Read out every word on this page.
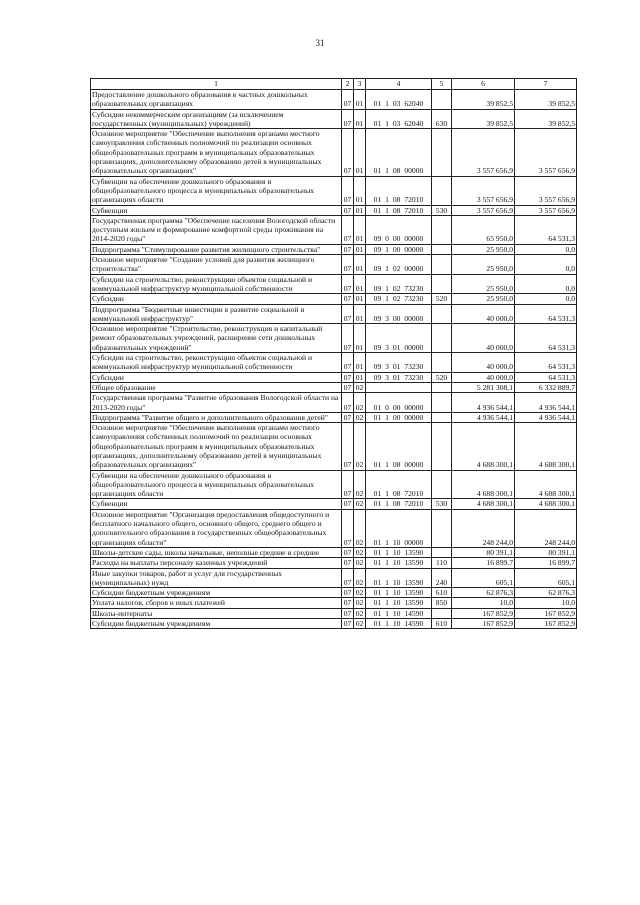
31
1	2	3	4	5	6	7
Предоставление дошкольного образования в частных дошкольных образовательных организациях	07	01	01 1 03 62040		39 852,5	39 852,5
Субсидии некоммерческим организациям (за исключением государственных (муниципальных) учреждений)	07	01	01 1 03 62040	630	39 852,5	39 852,5
Основное мероприятие "Обеспечение выполнения органами местного самоуправления собственных полномочий по реализации основных общеобразовательных программ в муниципальных образовательных организациях, дополнительному образованию детей в муниципальных образовательных организациях"	07	01	01 1 08 00000		3 557 656,9	3 557 656,9
Субвенции на обеспечение дошкольного образования и общеобразовательного процесса в муниципальных образовательных организациях области	07	01	01 1 08 72010		3 557 656,9	3 557 656,9
Субвенции	07	01	01 1 08 72010	530	3 557 656,9	3 557 656,9
Государственная программа "Обеспечение населения Вологодской области доступным жильем и формирование комфортной среды проживания на 2014-2020 годы"	07	01	09 0 00 00000		65 950,0	64 531,3
Подпрограмма "Стимулирование развития жилищного строительства"	07	01	09 1 00 00000		25 950,0	0,0
Основное мероприятие "Создание условий для развития жилищного строительства"	07	01	09 1 02 00000		25 950,0	0,0
Субсидии на строительство, реконструкцию объектов социальной и коммунальной инфраструктур муниципальной собственности	07	01	09 1 02 73230		25 950,0	0,0
Субсидии	07	01	09 1 02 73230	520	25 950,0	0,0
Подпрограмма "Бюджетные инвестиции в развитие социальной и коммунальной инфраструктур"	07	01	09 3 00 00000		40 000,0	64 531,3
Основное мероприятие "Строительство, реконструкция и капитальный ремонт образовательных учреждений, расширение сети дошкольных образовательных учреждений"	07	01	09 3 01 00000		40 000,0	64 531,3
Субсидии на строительство, реконструкцию объектов социальной и коммунальной инфраструктур муниципальной собственности	07	01	09 3 01 73230		40 000,0	64 531,3
Субсидии	07	01	09 3 01 73230	520	40 000,0	64 531,3
Общее образование	07	02			5 281 308,1	6 332 889,7
Государственная программа "Развитие образования Вологодской области на 2013-2020 годы"	07	02	01 0 00 00000		4 936 544,1	4 936 544,1
Подпрограмма "Развитие общего и дополнительного образования детей"	07	02	01 1 00 00000		4 936 544,1	4 936 544,1
Основное мероприятие "Обеспечение выполнения органами местного самоуправления собственных полномочий по реализации основных общеобразовательных программ в муниципальных образовательных организациях, дополнительному образованию детей в муниципальных образовательных организациях"	07	02	01 1 08 00000		4 688 300,1	4 688 300,1
Субвенции на обеспечение дошкольного образования и общеобразовательного процесса в муниципальных образовательных организациях области	07	02	01 1 08 72010		4 688 300,1	4 688 300,1
Субвенции	07	02	01 1 08 72010	530	4 688 300,1	4 688 300,1
Основное мероприятие "Организация предоставления общедоступного и бесплатного начального общего, основного общего, среднего общего и дополнительного образования в государственных общеобразовательных организациях области"	07	02	01 1 10 00000		248 244,0	248 244,0
Школы-детские сады, школы начальные, неполные средние и средние	07	02	01 1 10 13590		80 391,1	80 391,1
Расходы на выплаты персоналу казенных учреждений	07	02	01 1 10 13590	110	16 899,7	16 899,7
Иные закупки товаров, работ и услуг для государственных (муниципальных) нужд	07	02	01 1 10 13590	240	605,1	605,1
Субсидии бюджетным учреждениям	07	02	01 1 10 13590	610	62 876,3	62 876,3
Уплата налогов, сборов и иных платежей	07	02	01 1 10 13590	850	10,0	10,0
Школы-интернаты	07	02	01 1 10 14590		167 852,9	167 852,9
Субсидии бюджетным учреждениям	07	02	01 1 10 14590	610	167 852,9	167 852,9
